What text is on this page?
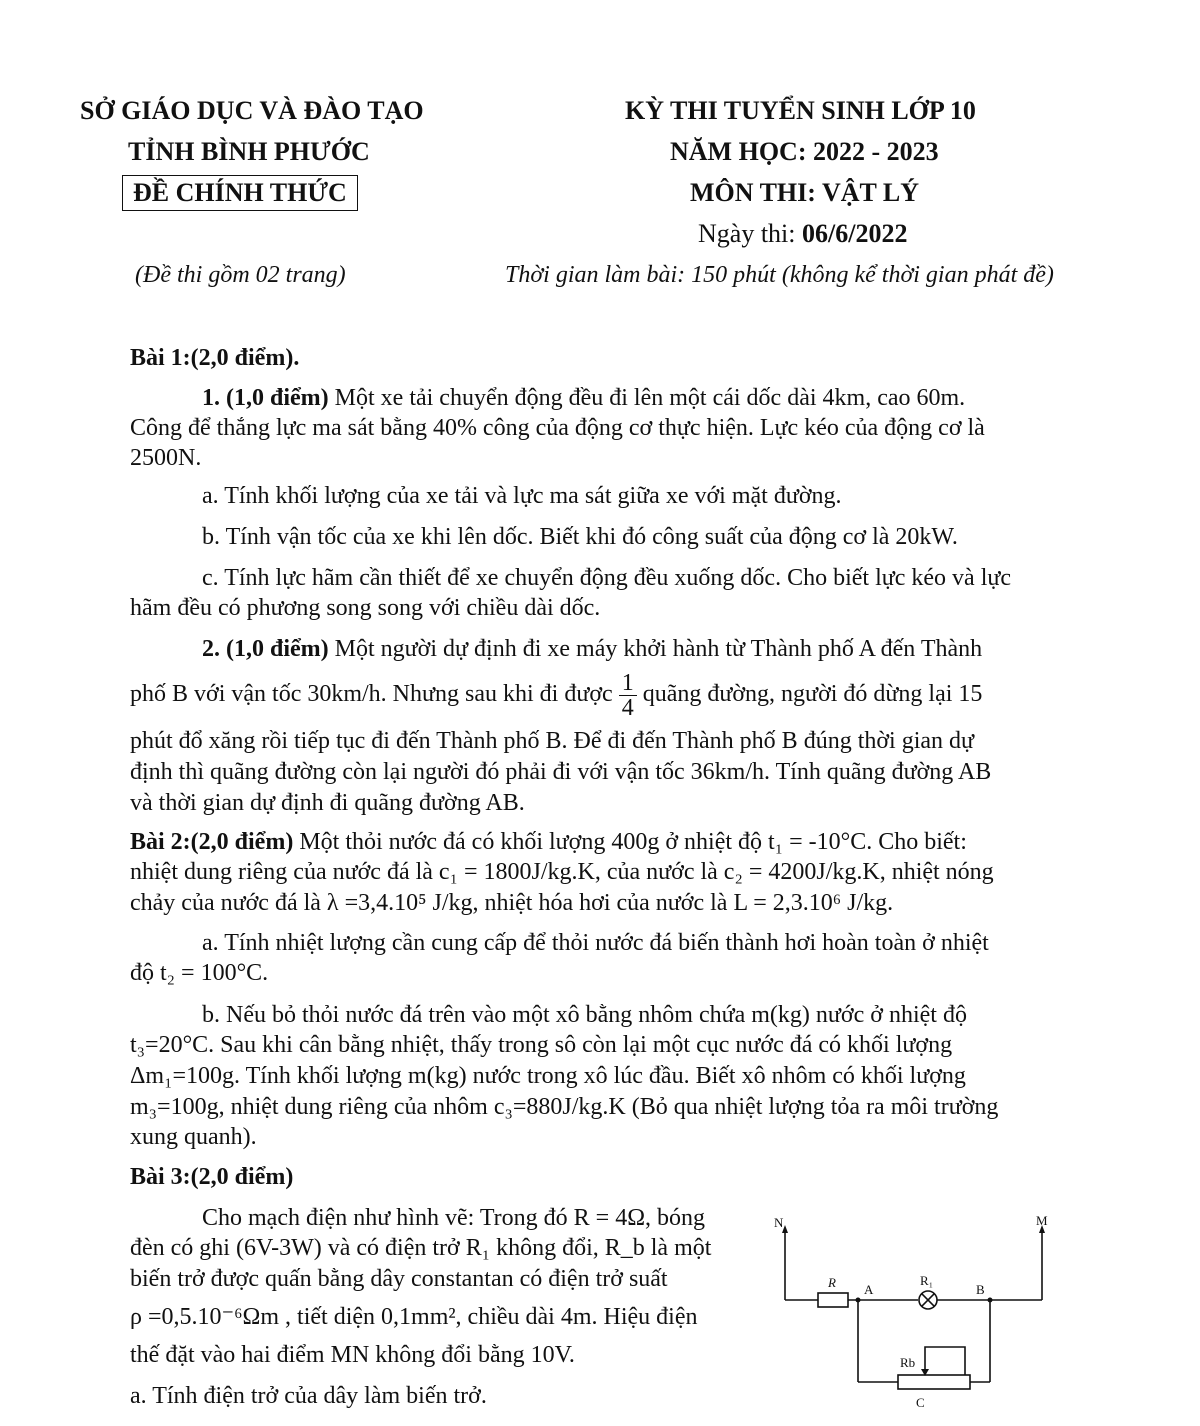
SỞ GIÁO DỤC VÀ ĐÀO TẠO
TỈNH BÌNH PHƯỚC
ĐỀ CHÍNH THỨC
KỲ THI TUYỂN SINH LỚP 10
NĂM HỌC: 2022 - 2023
MÔN THI: VẬT LÝ
Ngày thi: 06/6/2022
(Đề thi gồm 02 trang)	Thời gian làm bài: 150 phút (không kể thời gian phát đề)
Bài 1:(2,0 điểm).
1. (1,0 điểm) Một xe tải chuyển động đều đi lên một cái dốc dài 4km, cao 60m.
Công để thắng lực ma sát bằng 40% công của động cơ thực hiện. Lực kéo của động cơ là
2500N.
a. Tính khối lượng của xe tải và lực ma sát giữa xe với mặt đường.
b. Tính vận tốc của xe khi lên dốc. Biết khi đó công suất của động cơ là 20kW.
c. Tính lực hãm cần thiết để xe chuyển động đều xuống dốc. Cho biết lực kéo và lực
hãm đều có phương song song với chiều dài dốc.
2. (1,0 điểm) Một người dự định đi xe máy khởi hành từ Thành phố A đến Thành
phố B với vận tốc 30km/h. Nhưng sau khi đi được $\frac{1}{4}$ quãng đường, người đó dừng lại 15
phút đổ xăng rồi tiếp tục đi đến Thành phố B. Để đi đến Thành phố B đúng thời gian dự
định thì quãng đường còn lại người đó phải đi với vận tốc 36km/h. Tính quãng đường AB
và thời gian dự định đi quãng đường AB.
Bài 2:(2,0 điểm) Một thỏi nước đá có khối lượng 400g ở nhiệt độ t₁ = -10°C. Cho biết:
nhiệt dung riêng của nước đá là c₁ = 1800J/kg.K, của nước là c₂ = 4200J/kg.K, nhiệt nóng
chảy của nước đá là λ =3,4.10⁵ J/kg, nhiệt hóa hơi của nước là L = 2,3.10⁶ J/kg.
a. Tính nhiệt lượng cần cung cấp để thỏi nước đá biến thành hơi hoàn toàn ở nhiệt
độ t₂ = 100°C.
b. Nếu bỏ thỏi nước đá trên vào một xô bằng nhôm chứa m(kg) nước ở nhiệt độ
t₃=20°C. Sau khi cân bằng nhiệt, thấy trong sô còn lại một cục nước đá có khối lượng
Δm₁=100g. Tính khối lượng m(kg) nước trong xô lúc đầu. Biết xô nhôm có khối lượng
m₃=100g, nhiệt dung riêng của nhôm c₃=880J/kg.K (Bỏ qua nhiệt lượng tỏa ra môi trường
xung quanh).
Bài 3:(2,0 điểm)
Cho mạch điện như hình vẽ: Trong đó R = 4Ω, bóng
đèn có ghi (6V-3W) và có điện trở R₁ không đổi, R_b là một
biến trở được quấn bằng dây constantan có điện trở suất
ρ =0,5.10⁻⁶Ωm , tiết diện 0,1mm², chiều dài 4m. Hiệu điện
thế đặt vào hai điểm MN không đổi bằng 10V.
a. Tính điện trở của dây làm biến trở.
N	M
R A
R₁
B
Rb
C
